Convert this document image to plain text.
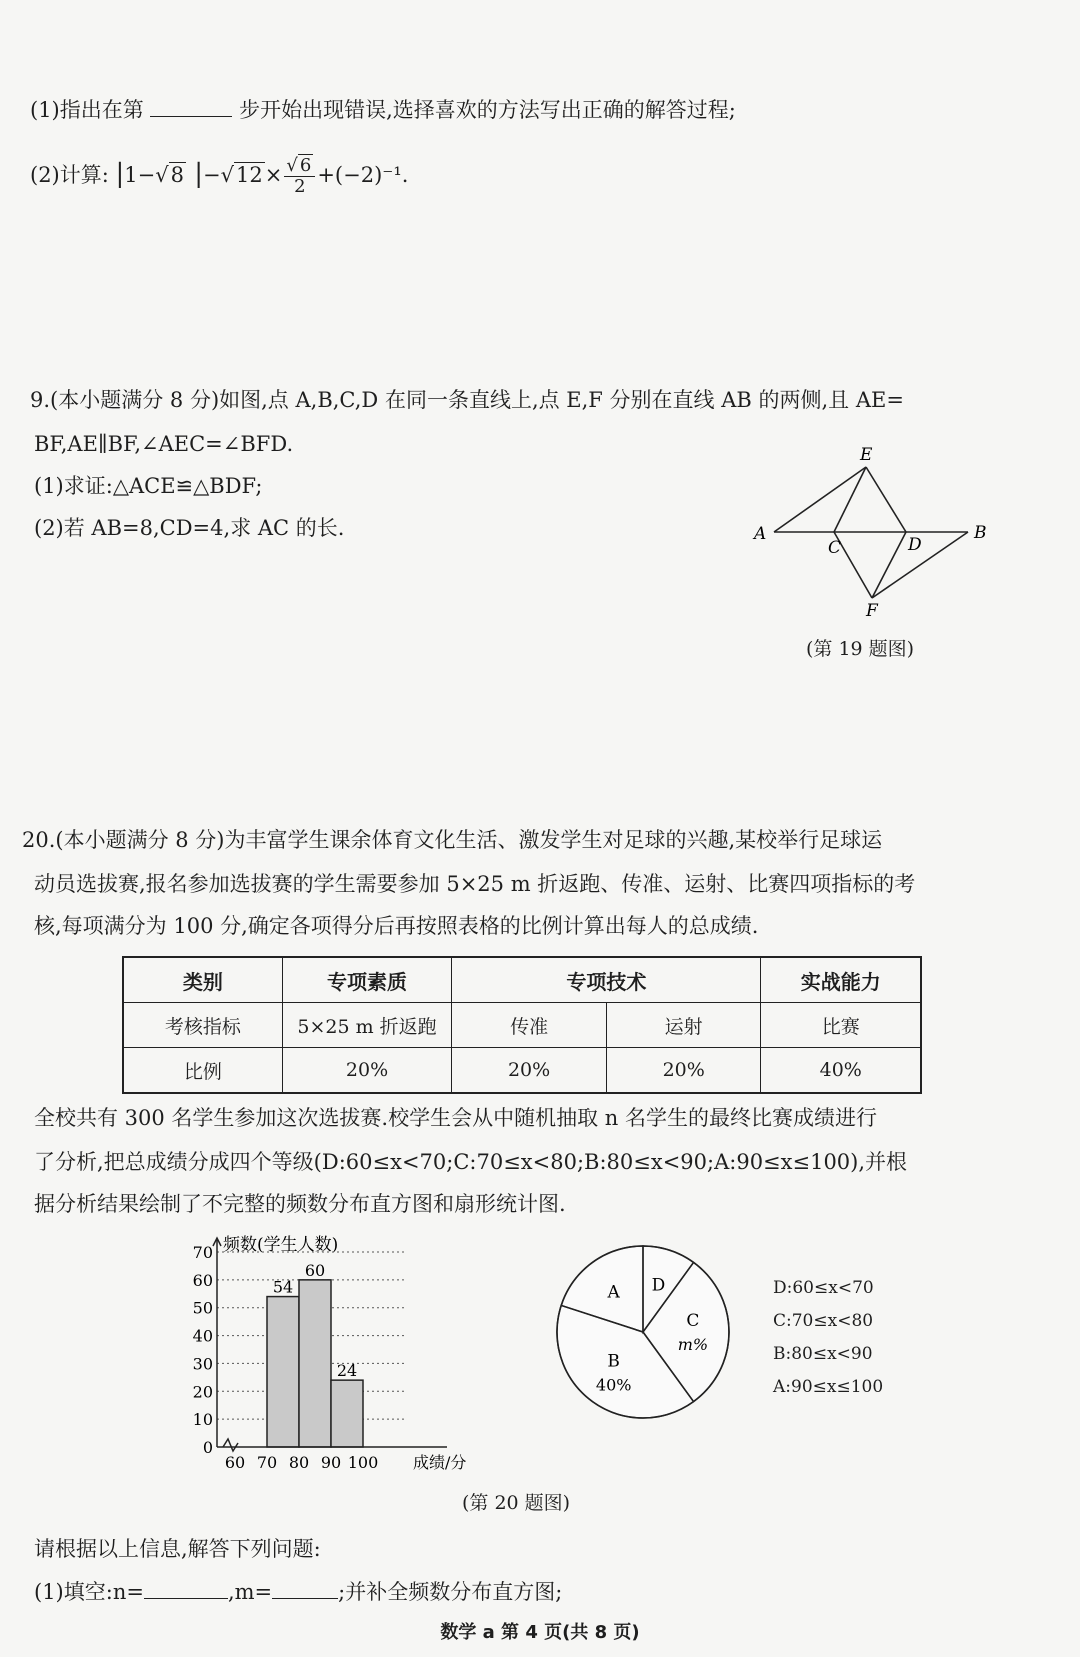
(1)指出在第	步开始出现错误,选择喜欢的方法写出正确的解答过程;
(2)计算: |1−√8 $|-√12\times \frac{√ 6}{2} +(-2)^{-1}$.
9.(本小题满分 8 分)如图,点 A,B,C,D 在同一条直线上,点 E,F 分别在直线 AB 的两侧,且 AE=
BF,AE∥BF,∠AEC=∠BFD.
(1)求证:△ACE≌△BDF;
(2)若 AB=8,CD=4,求 AC 的长.
E
A
C	D
B
F
(第 19 题图)
20.(本小题满分 8 分)为丰富学生课余体育文化生活、激发学生对足球的兴趣,某校举行足球运
动员选拔赛,报名参加选拔赛的学生需要参加 5×25 m 折返跑、传准、运射、比赛四项指标的考
核,每项满分为 100 分,确定各项得分后再按照表格的比例计算出每人的总成绩.
类别	专项素质	专项技术		实战能力
考核指标	5×25 m 折返跑	传准	运射	比赛
比例	20%	20%	20%	40%
全校共有 300 名学生参加这次选拔赛.校学生会从中随机抽取 n 名学生的最终比赛成绩进行
了分析,把总成绩分成四个等级(D:60≤x<70;C:70≤x<80;B:80≤x<90;A:90≤x≤100),并根
据分析结果绘制了不完整的频数分布直方图和扇形统计图.
频数(学生人数)
54
60
24
0
10
20
30
40
50
60
70
60 70 80 90 100 成绩/分
A D
C
m%
B
40%
D:60≤x<70
C:70≤x<80
B:80≤x<90
A:90≤x≤100
(第 20 题图)
请根据以上信息,解答下列问题:
(1)填空:n=	,m=	;并补全频数分布直方图;
数学 a 第 4 页(共 8 页)
